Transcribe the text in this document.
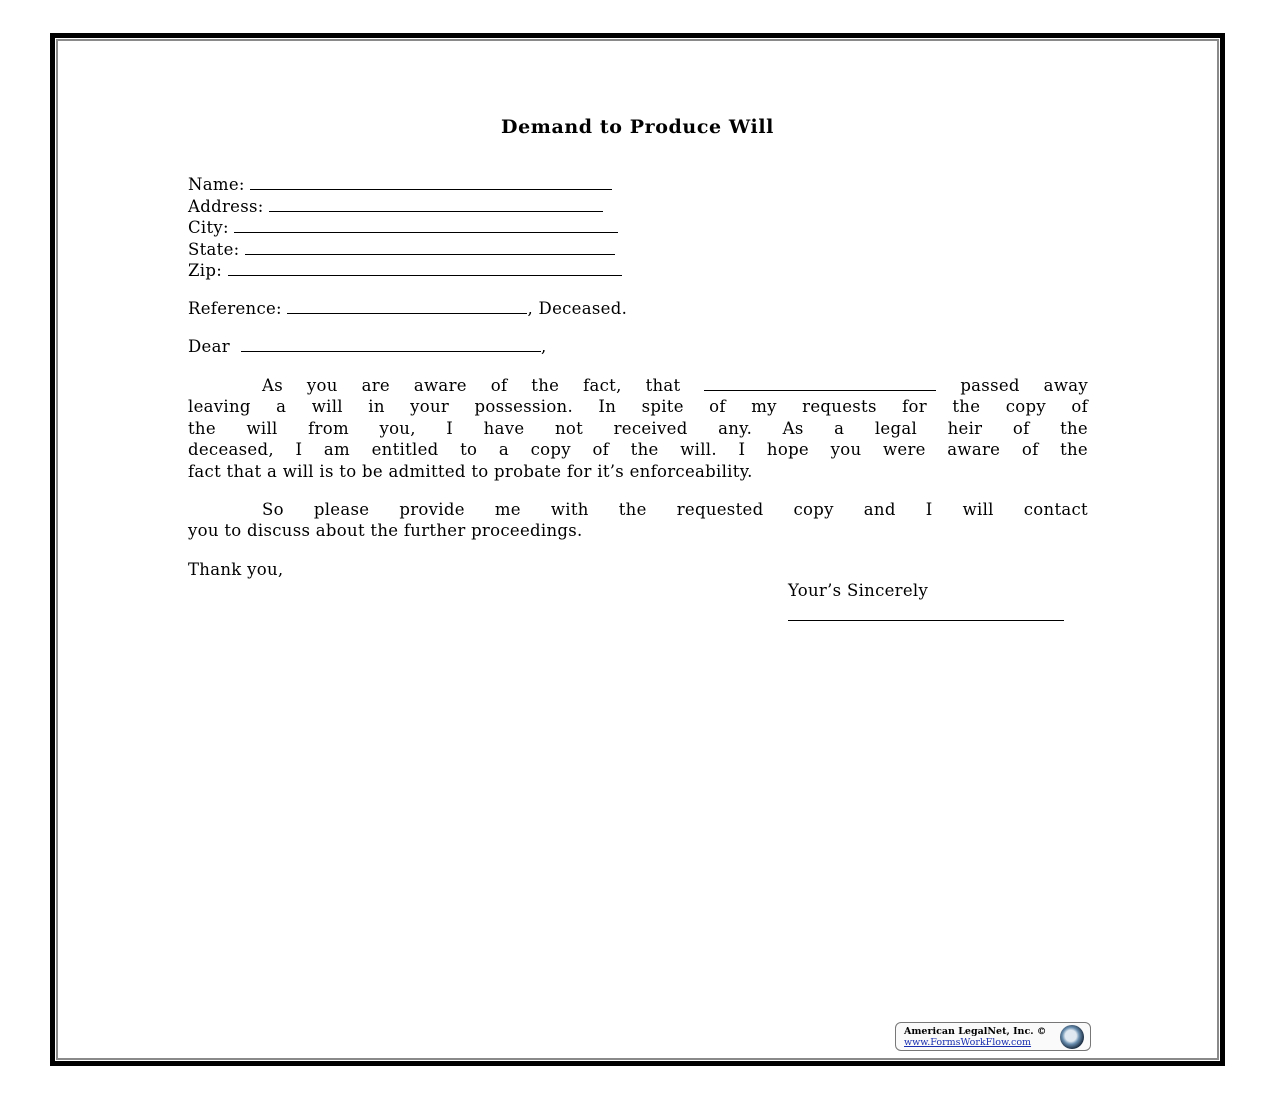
Demand to Produce Will
Name:
Address:
City:
State:
Zip:
Reference:	, Deceased.
Dear	,
As you are aware of the fact, that	passed away
leaving a will in your possession. In spite of my requests for the copy of
the will from you, I have not received any. As a legal heir of the
deceased, I am entitled to a copy of the will. I hope you were aware of the
fact that a will is to be admitted to probate for it’s enforceability.
So please provide me with the requested copy and I will contact
you to discuss about the further proceedings.
Thank you,
Your’s Sincerely
American LegalNet, Inc. ©
www.FormsWorkFlow.com
